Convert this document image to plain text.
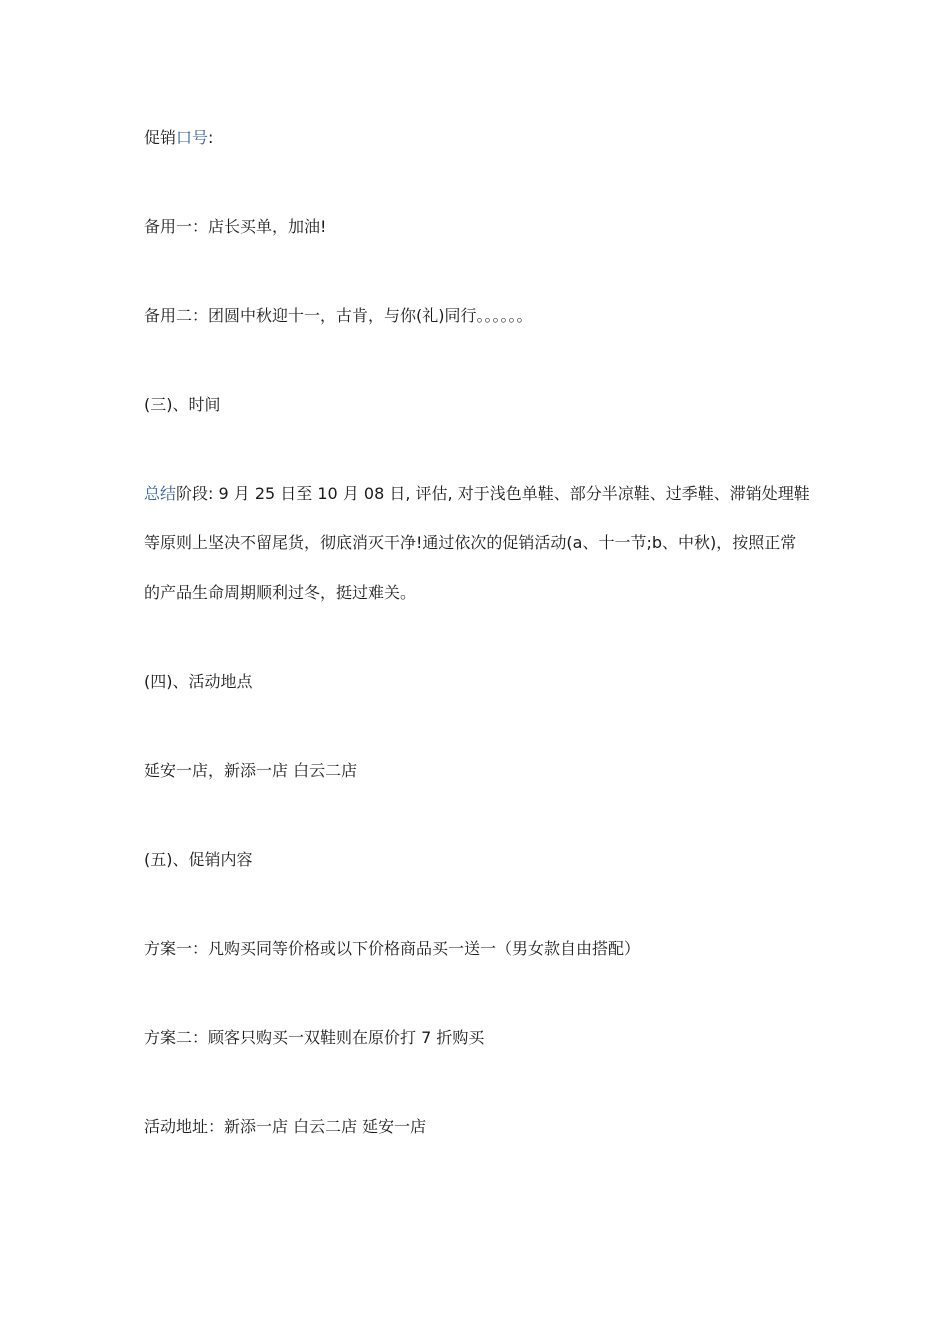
促销口号:
备用一：店长买单，加油!
备用二：团圆中秋迎十一，古肯，与你(礼)同行。。。。。。
(三)、时间
总结阶段: 9 月 25 日至 10 月 08 日, 评估, 对于浅色单鞋、部分半凉鞋、过季鞋、滞销处理鞋
等原则上坚决不留尾货，彻底消灭干净!通过依次的促销活动(a、十一节;b、中秋)，按照正常
的产品生命周期顺利过冬，挺过难关。
(四)、活动地点
延安一店，新添一店 白云二店
(五)、促销内容
方案一：凡购买同等价格或以下价格商品买一送一（男女款自由搭配）
方案二：顾客只购买一双鞋则在原价打 7 折购买
活动地址：新添一店 白云二店 延安一店
